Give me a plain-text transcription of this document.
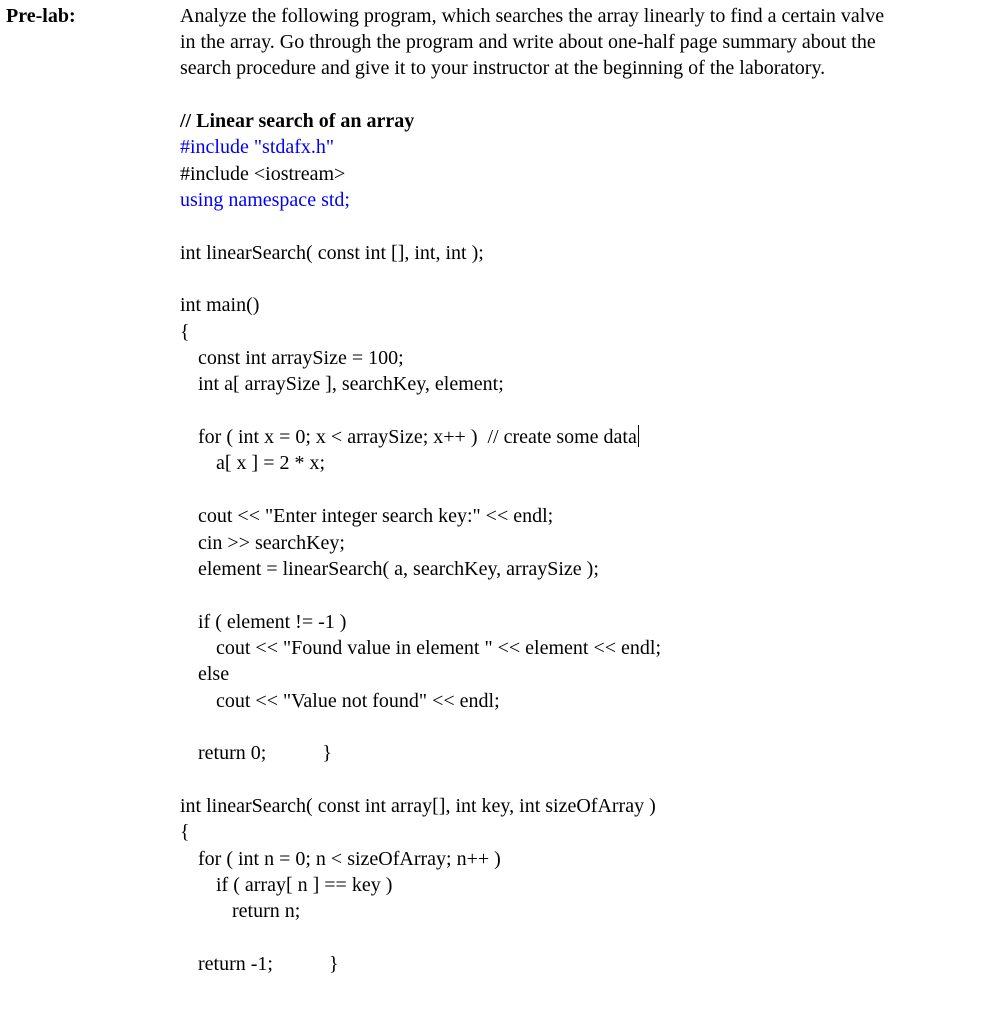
Pre-lab:	Analyze the following program, which searches the array linearly to find a certain valve
in the array. Go through the program and write about one-half page summary about the
search procedure and give it to your instructor at the beginning of the laboratory.
// Linear search of an array
#include "stdafx.h"
#include <iostream>
using namespace std;
int linearSearch( const int [], int, int );
int main()
{
const int arraySize = 100;
int a[ arraySize ], searchKey, element;
for ( int x = 0; x < arraySize; x++ )  // create some data
a[ x ] = 2 * x;
cout << "Enter integer search key:" << endl;
cin >> searchKey;
element = linearSearch( a, searchKey, arraySize );
if ( element != -1 )
cout << "Found value in element " << element << endl;
else
cout << "Value not found" << endl;
return 0;	}
int linearSearch( const int array[], int key, int sizeOfArray )
{
for ( int n = 0; n < sizeOfArray; n++ )
if ( array[ n ] == key )
return n;
return -1;	}
